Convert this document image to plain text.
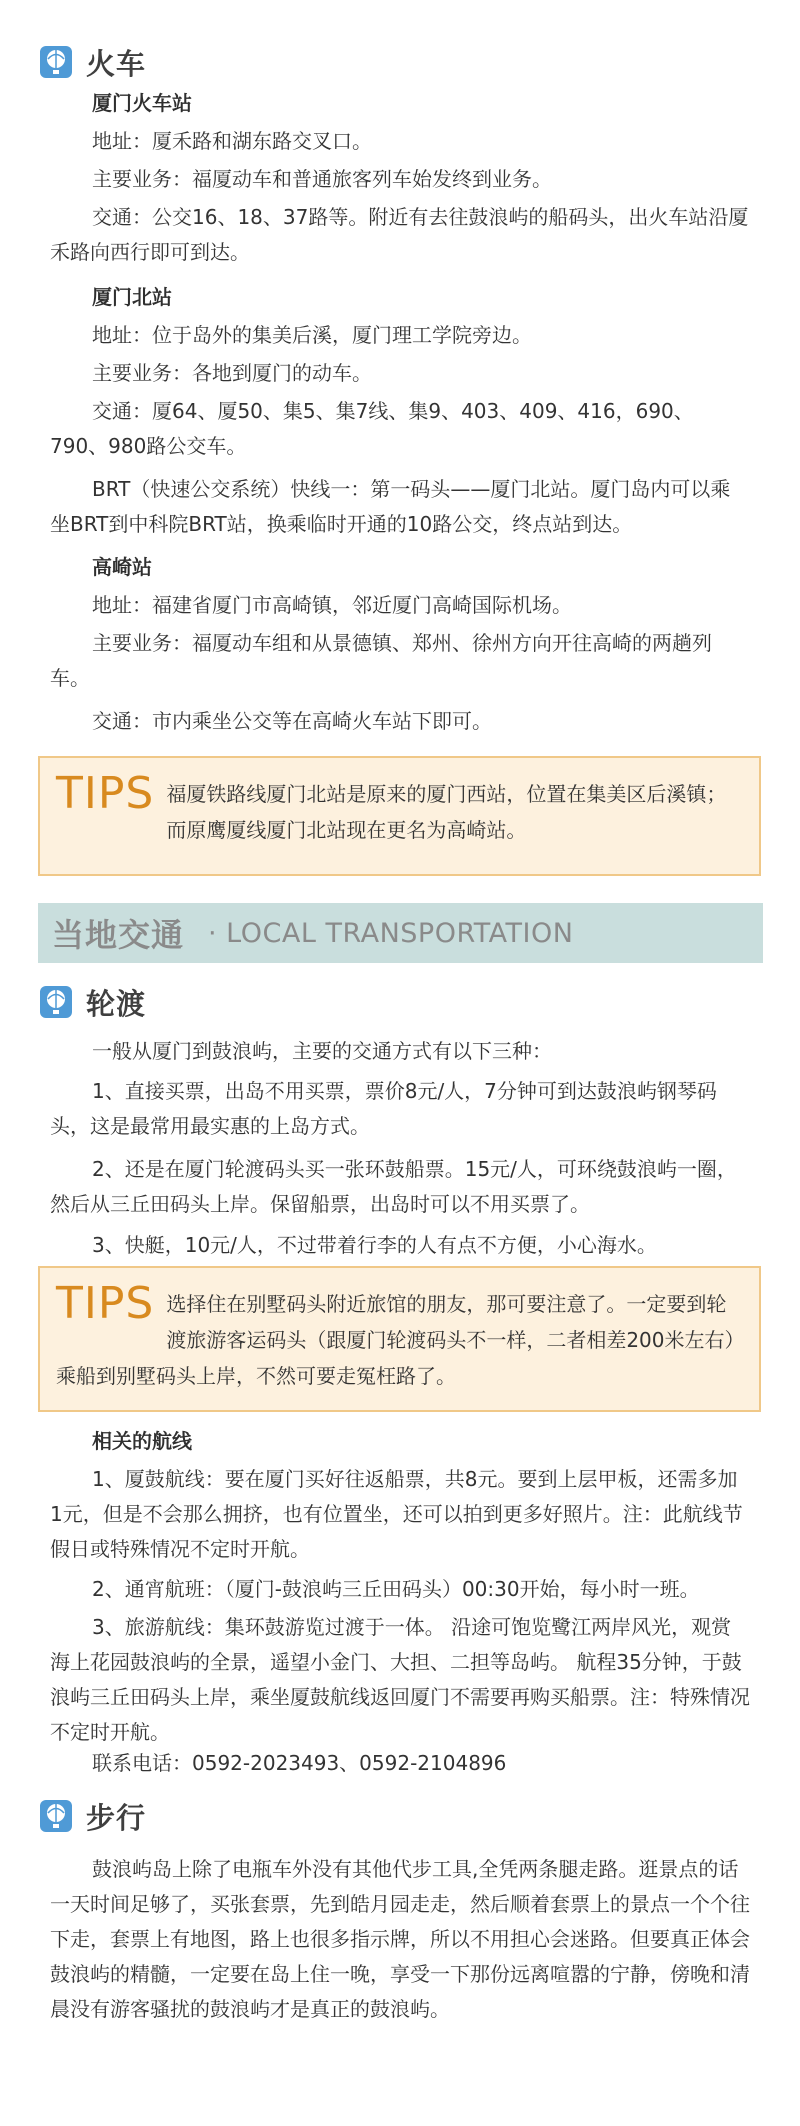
火车
厦门火车站
地址：厦禾路和湖东路交叉口。
主要业务：福厦动车和普通旅客列车始发终到业务。
交通：公交16、18、37路等。附近有去往鼓浪屿的船码头，出火车站沿厦禾路向西行即可到达。
厦门北站
地址：位于岛外的集美后溪，厦门理工学院旁边。
主要业务：各地到厦门的动车。
交通：厦64、厦50、集5、集7线、集9、403、409、416，690、790、980路公交车。
BRT（快速公交系统）快线一：第一码头——厦门北站。厦门岛内可以乘坐BRT到中科院BRT站，换乘临时开通的10路公交，终点站到达。
高崎站
地址：福建省厦门市高崎镇，邻近厦门高崎国际机场。
主要业务：福厦动车组和从景德镇、郑州、徐州方向开往高崎的两趟列车。
交通：市内乘坐公交等在高崎火车站下即可。
TIPS 福厦铁路线厦门北站是原来的厦门西站，位置在集美区后溪镇；而原鹰厦线厦门北站现在更名为高崎站。
当地交通 · LOCAL TRANSPORTATION
轮渡
一般从厦门到鼓浪屿，主要的交通方式有以下三种：
1、直接买票，出岛不用买票，票价8元/人，7分钟可到达鼓浪屿钢琴码头，这是最常用最实惠的上岛方式。
2、还是在厦门轮渡码头买一张环鼓船票。15元/人，可环绕鼓浪屿一圈，然后从三丘田码头上岸。保留船票，出岛时可以不用买票了。
3、快艇，10元/人，不过带着行李的人有点不方便，小心海水。
TIPS 选择住在别墅码头附近旅馆的朋友，那可要注意了。一定要到轮渡旅游客运码头（跟厦门轮渡码头不一样，二者相差200米左右）乘船到别墅码头上岸，不然可要走冤枉路了。
相关的航线
1、厦鼓航线：要在厦门买好往返船票，共8元。要到上层甲板，还需多加1元，但是不会那么拥挤，也有位置坐，还可以拍到更多好照片。注：此航线节假日或特殊情况不定时开航。
2、通宵航班：（厦门-鼓浪屿三丘田码头）00:30开始，每小时一班。
3、旅游航线：集环鼓游览过渡于一体。 沿途可饱览鹭江两岸风光，观赏海上花园鼓浪屿的全景，遥望小金门、大担、二担等岛屿。 航程35分钟，于鼓浪屿三丘田码头上岸，乘坐厦鼓航线返回厦门不需要再购买船票。注：特殊情况不定时开航。
联系电话：0592-2023493、0592-2104896
步行
鼓浪屿岛上除了电瓶车外没有其他代步工具,全凭两条腿走路。逛景点的话一天时间足够了，买张套票，先到皓月园走走，然后顺着套票上的景点一个个往下走，套票上有地图，路上也很多指示牌，所以不用担心会迷路。但要真正体会鼓浪屿的精髓，一定要在岛上住一晚，享受一下那份远离喧嚣的宁静，傍晚和清晨没有游客骚扰的鼓浪屿才是真正的鼓浪屿。
